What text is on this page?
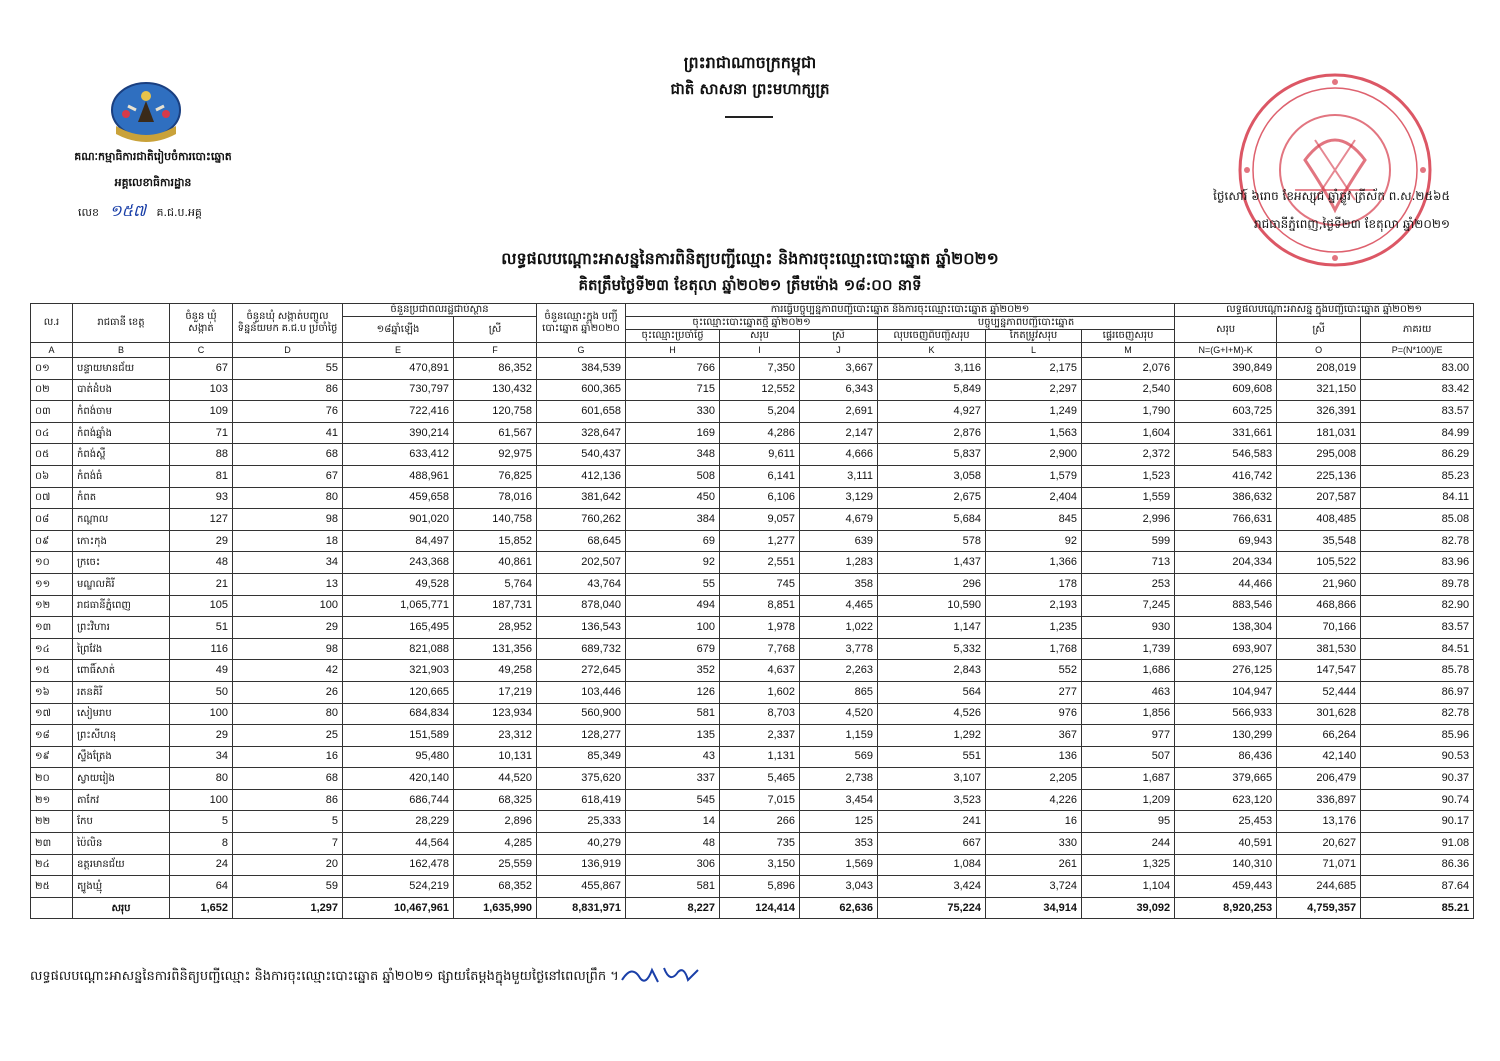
ព្រះរាជាណាចក្រកម្ពុជា
ជាតិ សាសនា ព្រះមហាក្សត្រ
គណៈកម្មាធិការជាតិរៀបចំការបោះឆ្នោត
អគ្គលេខាធិការដ្ឋាន
លេខ ១៥៧ គ.ជ.ប.អគ្គ
ថ្ងៃសៅរ៍ ៦រោច ខែអស្សុជ ឆ្នាំឆ្លូវ ត្រីស័ក ព.ស.២៥៦៥
រាជធានីភ្នំពេញ,ថ្ងៃទី២៣ ខែតុលា ឆ្នាំ២០២១
លទ្ធផលបណ្ដោះអាសន្ននៃការពិនិត្យបញ្ជីឈ្មោះ និងការចុះឈ្មោះបោះឆ្នោត ឆ្នាំ២០២១
គិតត្រឹមថ្ងៃទី២៣ ខែតុលា ឆ្នាំ២០២១ ត្រឹមម៉ោង ១៨:០០ នាទី
ល.រ	រាជធានី ខេត្ត	ចំនួន ឃុំ សង្កាត់	ចំនួនឃុំ សង្កាត់បញ្ចូល ទិន្នន័យមក គ.ជ.ប ប្រចាំថ្ងៃ	ចំនួនប្រជាពលរដ្ឋជាប់ស្ថាន		ចំនួនឈ្មោះក្នុង បញ្ជីបោះឆ្នោត ឆ្នាំ២០២០	ការធ្វើបច្ចុប្បន្នភាពបញ្ជីបោះឆ្នោត និងការចុះឈ្មោះបោះឆ្នោត ឆ្នាំ២០២១						លទ្ធផលបណ្ដោះអាសន្ន ក្នុងបញ្ជីបោះឆ្នោត ឆ្នាំ២០២១		
				១៨ឆ្នាំឡើង	ស្រី		ចុះឈ្មោះបោះឆ្នោតថ្មី ឆ្នាំ២០២១			បច្ចុប្បន្នភាពបញ្ជីបោះឆ្នោត			សរុប	ស្រី	ភាគរយ
							ចុះឈ្មោះប្រចាំថ្ងៃ	សរុប	ស្រី	លុបចេញពីបញ្ជីសរុប	កែតម្រូវសរុប	ផ្ទេរចេញសរុប			
A	B	C	D	E	F	G	H	I	J	K	L	M	N=(G+I+M)-K	O	P=(N*100)/E
០១	បន្ទាយមានជ័យ	67	55	470,891	86,352	384,539	766	7,350	3,667	3,116	2,175	2,076	390,849	208,019	83.00
០២	បាត់ដំបង	103	86	730,797	130,432	600,365	715	12,552	6,343	5,849	2,297	2,540	609,608	321,150	83.42
០៣	កំពង់ចាម	109	76	722,416	120,758	601,658	330	5,204	2,691	4,927	1,249	1,790	603,725	326,391	83.57
០៤	កំពង់ឆ្នាំង	71	41	390,214	61,567	328,647	169	4,286	2,147	2,876	1,563	1,604	331,661	181,031	84.99
០៥	កំពង់ស្ពឺ	88	68	633,412	92,975	540,437	348	9,611	4,666	5,837	2,900	2,372	546,583	295,008	86.29
០៦	កំពង់ធំ	81	67	488,961	76,825	412,136	508	6,141	3,111	3,058	1,579	1,523	416,742	225,136	85.23
០៧	កំពត	93	80	459,658	78,016	381,642	450	6,106	3,129	2,675	2,404	1,559	386,632	207,587	84.11
០៨	កណ្ដាល	127	98	901,020	140,758	760,262	384	9,057	4,679	5,684	845	2,996	766,631	408,485	85.08
០៩	កោះកុង	29	18	84,497	15,852	68,645	69	1,277	639	578	92	599	69,943	35,548	82.78
១០	ក្រចេះ	48	34	243,368	40,861	202,507	92	2,551	1,283	1,437	1,366	713	204,334	105,522	83.96
១១	មណ្ឌលគិរី	21	13	49,528	5,764	43,764	55	745	358	296	178	253	44,466	21,960	89.78
១២	រាជធានីភ្នំពេញ	105	100	1,065,771	187,731	878,040	494	8,851	4,465	10,590	2,193	7,245	883,546	468,866	82.90
១៣	ព្រះវិហារ	51	29	165,495	28,952	136,543	100	1,978	1,022	1,147	1,235	930	138,304	70,166	83.57
១៤	ព្រៃវែង	116	98	821,088	131,356	689,732	679	7,768	3,778	5,332	1,768	1,739	693,907	381,530	84.51
១៥	ពោធិ៍សាត់	49	42	321,903	49,258	272,645	352	4,637	2,263	2,843	552	1,686	276,125	147,547	85.78
១៦	រតនគិរី	50	26	120,665	17,219	103,446	126	1,602	865	564	277	463	104,947	52,444	86.97
១៧	សៀមរាប	100	80	684,834	123,934	560,900	581	8,703	4,520	4,526	976	1,856	566,933	301,628	82.78
១៨	ព្រះសីហនុ	29	25	151,589	23,312	128,277	135	2,337	1,159	1,292	367	977	130,299	66,264	85.96
១៩	ស្ទឹងត្រែង	34	16	95,480	10,131	85,349	43	1,131	569	551	136	507	86,436	42,140	90.53
២០	ស្វាយរៀង	80	68	420,140	44,520	375,620	337	5,465	2,738	3,107	2,205	1,687	379,665	206,479	90.37
២១	តាកែវ	100	86	686,744	68,325	618,419	545	7,015	3,454	3,523	4,226	1,209	623,120	336,897	90.74
២២	កែប	5	5	28,229	2,896	25,333	14	266	125	241	16	95	25,453	13,176	90.17
២៣	ប៉ៃលិន	8	7	44,564	4,285	40,279	48	735	353	667	330	244	40,591	20,627	91.08
២៤	ឧត្តរមានជ័យ	24	20	162,478	25,559	136,919	306	3,150	1,569	1,084	261	1,325	140,310	71,071	86.36
២៥	ត្បូងឃ្មុំ	64	59	524,219	68,352	455,867	581	5,896	3,043	3,424	3,724	1,104	459,443	244,685	87.64
	សរុប	1,652	1,297	10,467,961	1,635,990	8,831,971	8,227	124,414	62,636	75,224	34,914	39,092	8,920,253	4,759,357	85.21
លទ្ធផលបណ្ដោះអាសន្ននៃការពិនិត្យបញ្ជីឈ្មោះ និងការចុះឈ្មោះបោះឆ្នោត ឆ្នាំ២០២១ ផ្សាយតែម្ដងក្នុងមួយថ្ងៃនៅពេលព្រឹក ។
